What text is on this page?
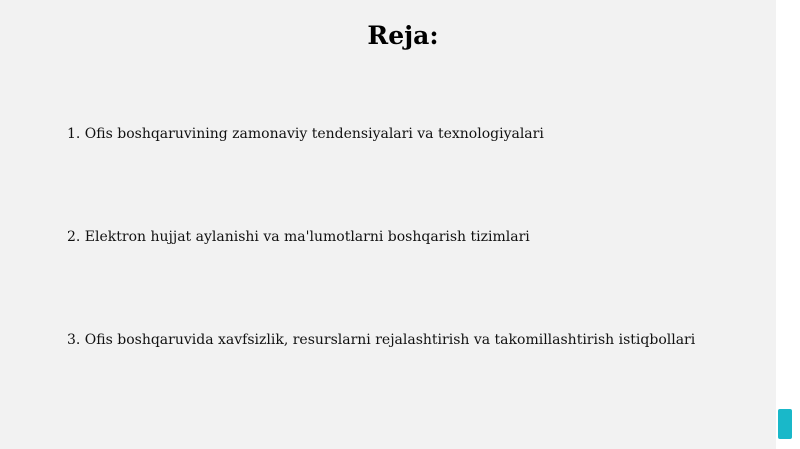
Reja:
1. Ofis boshqaruvining zamonaviy tendensiyalari va texnologiyalari
2. Elektron hujjat aylanishi va ma'lumotlarni boshqarish tizimlari
3. Ofis boshqaruvida xavfsizlik, resurslarni rejalashtirish va takomillashtirish istiqbollari
